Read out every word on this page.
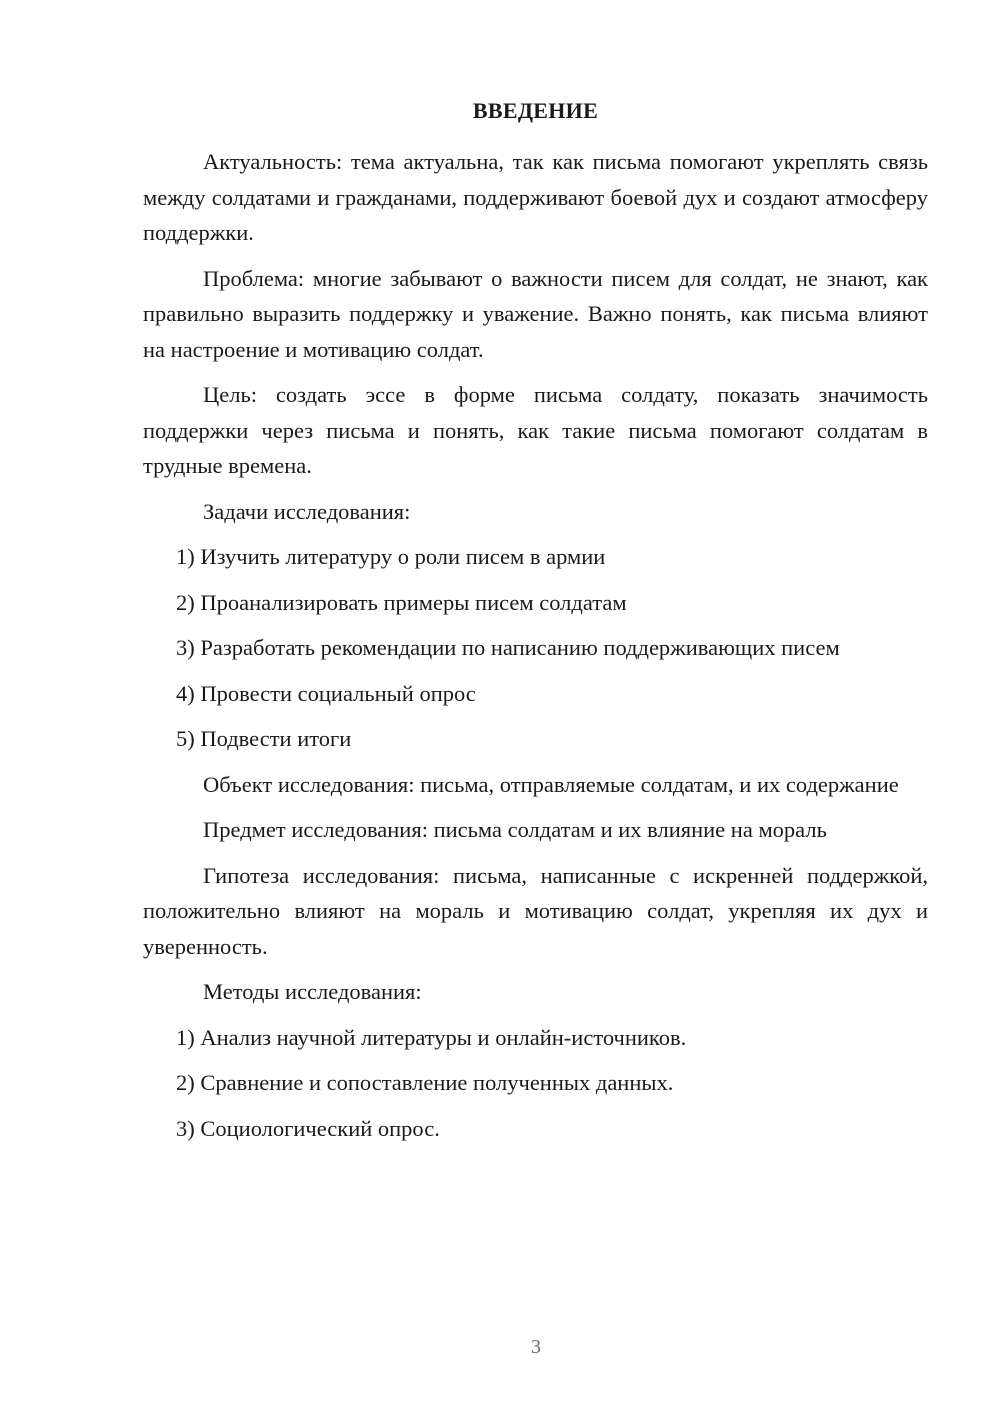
ВВЕДЕНИЕ

Актуальность: тема актуальна, так как письма помогают укреплять связь между солдатами и гражданами, поддерживают боевой дух и создают атмосферу поддержки.

Проблема: многие забывают о важности писем для солдат, не знают, как правильно выразить поддержку и уважение. Важно понять, как письма влияют на настроение и мотивацию солдат.

Цель: создать эссе в форме письма солдату, показать значимость поддержки через письма и понять, как такие письма помогают солдатам в трудные времена.

Задачи исследования:

1) Изучить литературу о роли писем в армии
2) Проанализировать примеры писем солдатам
3) Разработать рекомендации по написанию поддерживающих писем
4) Провести социальный опрос
5) Подвести итоги

Объект исследования: письма, отправляемые солдатам, и их содержание

Предмет исследования: письма солдатам и их влияние на мораль

Гипотеза исследования: письма, написанные с искренней поддержкой, положительно влияют на мораль и мотивацию солдат, укрепляя их дух и уверенность.

Методы исследования:

1) Анализ научной литературы и онлайн-источников.
2) Сравнение и сопоставление полученных данных.
3) Социологический опрос.
3
